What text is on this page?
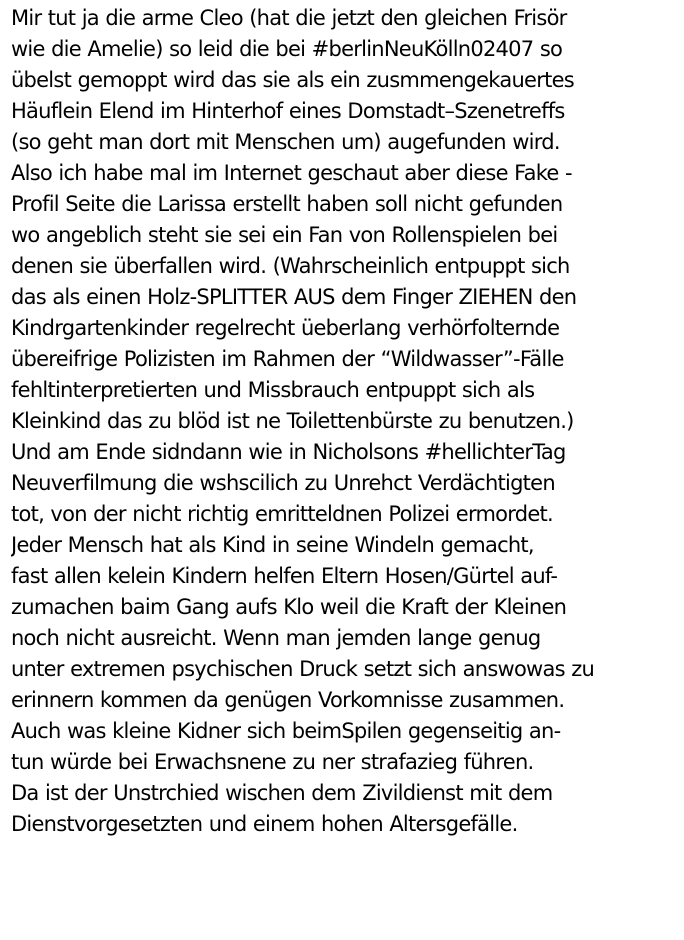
Mir tut ja die arme Cleo (hat die jetzt den gleichen Frisör
wie die Amelie) so leid die bei #berlinNeuKölln02407 so
übelst gemoppt wird das sie als ein zusmmengekauertes
Häuflein Elend im Hinterhof eines Domstadt–Szenetreffs
(so geht man dort mit Menschen um) augefunden wird.
Also ich habe mal im Internet geschaut aber diese Fake -
Profil Seite die Larissa erstellt haben soll nicht gefunden
wo angeblich steht sie sei ein Fan von Rollenspielen bei
denen sie überfallen wird. (Wahrscheinlich entpuppt sich
das als einen Holz-SPLITTER AUS dem Finger ZIEHEN den
Kindrgartenkinder regelrecht üeberlang verhörfolternde
übereifrige Polizisten im Rahmen der “Wildwasser”-Fälle
fehltinterpretierten und Missbrauch entpuppt sich als
Kleinkind das zu blöd ist ne Toilettenbürste zu benutzen.)
Und am Ende sidndann wie in Nicholsons #hellichterTag
Neuverfilmung die wshscilich zu Unrehct Verdächtigten
tot, von der nicht richtig emritteldnen Polizei ermordet.
Jeder Mensch hat als Kind in seine Windeln gemacht,
fast allen kelein Kindern helfen Eltern Hosen/Gürtel auf-
zumachen baim Gang aufs Klo weil die Kraft der Kleinen
noch nicht ausreicht. Wenn man jemden lange genug
unter extremen psychischen Druck setzt sich answowas zu
erinnern kommen da genügen Vorkomnisse zusammen.
Auch was kleine Kidner sich beimSpilen gegenseitig an-
tun würde bei Erwachsnene zu ner strafazieg führen.
Da ist der Unstrchied wischen dem Zivildienst mit dem
Dienstvorgesetzten und einem hohen Altersgefälle.
